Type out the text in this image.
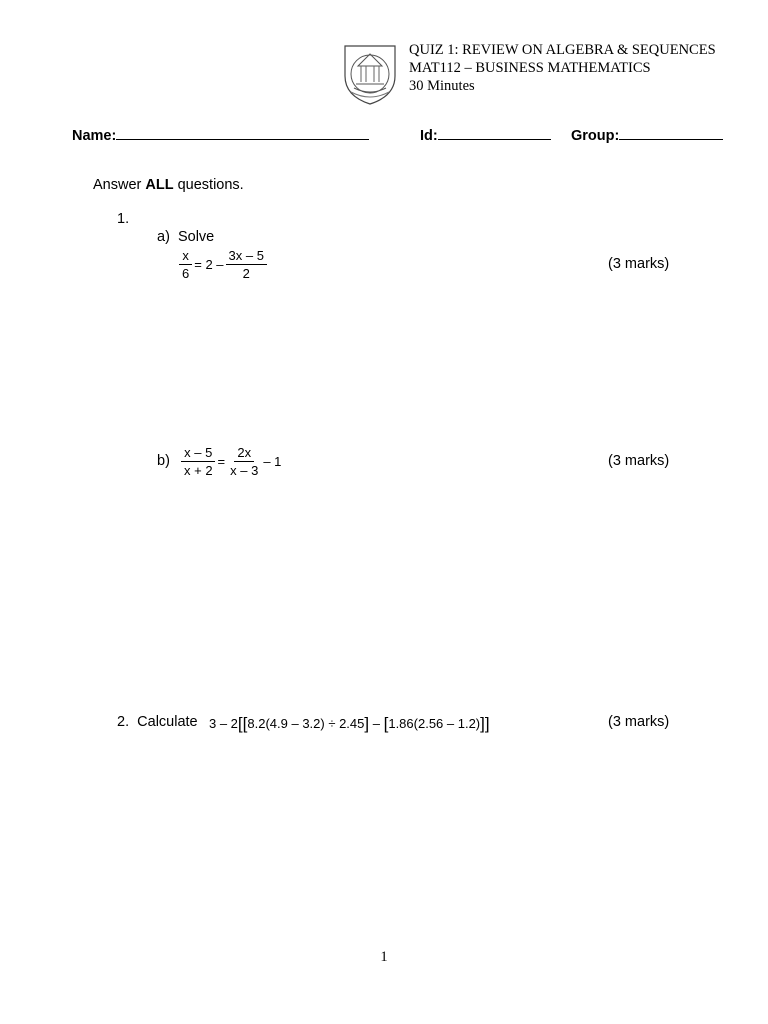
QUIZ 1: REVIEW ON ALGEBRA & SEQUENCES
MAT112 – BUSINESS MATHEMATICS
30 Minutes
Name:	Id:	Group:
Answer ALL questions.
1.
a) Solve
$\frac{x}{6} = 2 - \frac{3x - 5}{2}$	(3 marks)
$b) \frac{x - 5}{x + 2} = \frac{2x}{x - 3} - 1$	(3 marks)
2. Calculate 3 – 2[[8.2(4.9 – 3.2) ÷ 2.45] – [1.86(2.56 – 1.2)]]	(3 marks)
1
